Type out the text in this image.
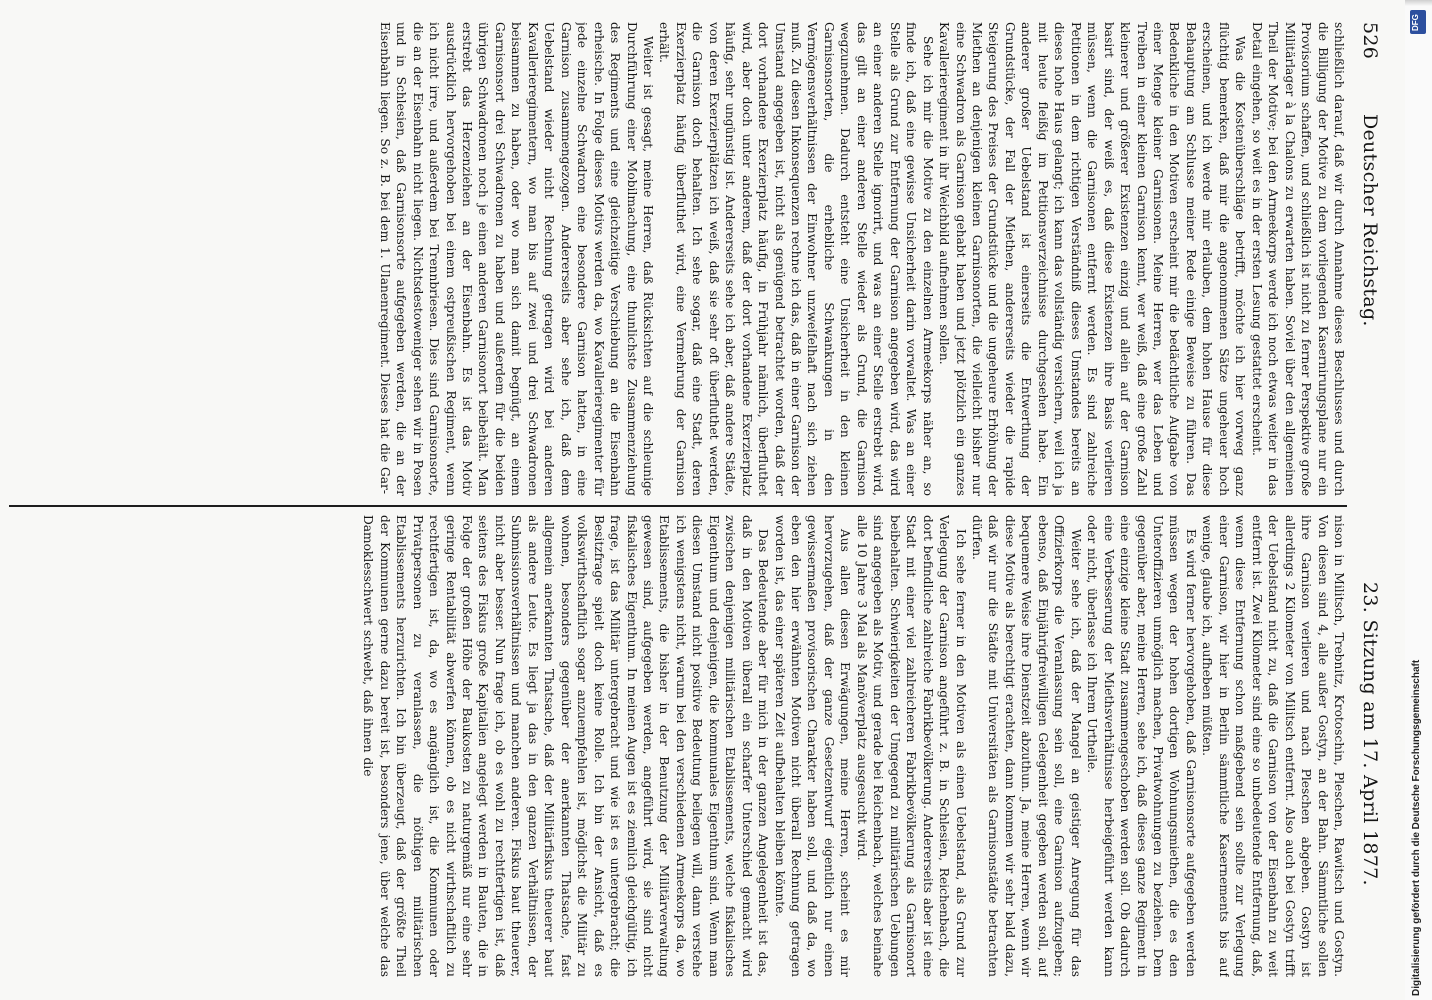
526
Deutscher Reichstag.
23. Sitzung am 17. April 1877.

schließlich darauf, daß wir durch Annahme dieses Beschlusses und durch die Billigung der Motive zu dem vorliegenden Kasernirungsplane nur ein Provisorium schaffen, und schließlich ist nicht zu ferner Perspektive große Militärlager à la Chalons zu erwarten haben. Soviel über den allgemeinen Theil der Motive; bei den Armeekorps werde ich noch etwas weiter in das Detail eingehen, so weit es in der ersten Lesung gestattet erscheint.

Was die Kostenüberschläge betrifft, möchte ich hier vorweg ganz flüchtig bemerken, daß mir die angenommenen Sätze ungeheuer hoch erscheinen, und ich werde mir erlauben, dem hohen Hause für diese Behauptung am Schlusse meiner Rede einige Beweise zu führen. Das Bedenkliche in den Motiven erscheint mir die bedächtliche Aufgabe von einer Menge kleiner Garnisonen. Meine Herren, wer das Leben und Treiben in einer kleinen Garnison kennt, wer weiß, daß eine große Zahl kleinerer und größerer Existenzen einzig und allein auf der Garnison basirt sind, der weiß es, daß diese Existenzen ihre Basis verlieren müssen, wenn die Garnisonen entfernt werden. Es sind zahlreiche Petitionen in dem richtigen Verständniß dieses Umstandes bereits an dieses hohe Haus gelangt; ich kann das vollständig versichern, weil ich ja mit heute fleißig im Petitionsverzeichnisse durchgesehen habe. Ein anderer großer Uebelstand ist einerseits die Entwerthung der Grundstücke, der Fall der Miethen, andererseits wieder die rapide Steigerung des Preises der Grundstücke und die ungeheure Erhöhung der Miethen an denjenigen kleinen Garnisonorten, die vielleicht bisher nur eine Schwadron als Garnison gehabt haben und jetzt plötzlich ein ganzes Kavallerieregiment in ihr Weichbild aufnehmen sollen.

Sehe ich mir die Motive zu den einzelnen Armeekorps näher an, so finde ich, daß eine gewisse Unsicherheit darin vorwaltet. Was an einer Stelle als Grund zur Entfernung der Garnison angegeben wird, das wird an einer anderen Stelle ignorirt, und was an einer Stelle erstrebt wird, das gilt an einer anderen Stelle wieder als Grund, die Garnison wegzunehmen. Dadurch entsteht eine Unsicherheit in den kleinen Garnisonsorten, die erhebliche Schwankungen in den Vermögensverhältnissen der Einwohner unzweifelhaft nach sich ziehen muß. Zu diesen Inkonsequenzen rechne ich das, daß in einer Garnison der Umstand angegeben ist, nicht als genügend betrachtet worden, daß der dort vorhandene Exerzierplatz häufig, in Frühjahr nämlich, überfluthet wird, aber doch unter anderem, daß der dort vorhandene Exerzierplatz häufig, sehr ungünstig ist. Andererseits sehe ich aber, daß andere Städte, von deren Exerzierplätzen ich weiß, daß sie sehr oft überfluthet werden, die Garnison doch behalten. Ich sehe sogar, daß eine Stadt, deren Exerzierplatz häufig überfluthet wird, eine Vermehrung der Garnison erhält.

Weiter ist gesagt, meine Herren, daß Rücksichten auf die schleunige Durchführung einer Mobilmachung, eine thunlichste Zusammenziehung des Regiments und eine gleichzeitige Verschiebung an die Eisenbahn erheische. In Folge dieses Motivs werden da, wo Kavallerieregimenter für jede einzelne Schwadron eine besondere Garnison hatten, in eine Garnison zusammengezogen. Andererseits aber sehe ich, daß dem Uebelstand wieder nicht Rechnung getragen wird bei anderen Kavallerieregimentern, wo man bis auf zwei und drei Schwadronen beisammen zu haben, oder wo man sich damit begnügt, an einem Garnisonsort drei Schwadronen zu haben und außerdem für die beiden übrigen Schwadronen noch je einen anderen Garnisonort beibehält. Man erstrebt das Herzenziehen an der Eisenbahn. Es ist das Motiv ausdrücklich hervorgehoben bei einem ostpreußischen Regiment, wenn ich nicht irre, und außerdem bei Trennbriesen. Dies sind Garnisonsorte, die an der Eisenbahn nicht liegen. Nichtsdestoweniger sehen wir in Posen und in Schlesien, daß Garnisonsorte aufgegeben werden, die an der Eisenbahn liegen. So z. B. bei dem 1. Ulanenregiment. Dieses hat die Gar-

nison in Militsch, Trebnitz, Krotoschin, Pleschen, Rawitsch und Gostyn. Von diesen sind 4, alle außer Gostyn, an der Bahn. Sämmtliche sollen ihre Garnison verlieren und nach Pleschen abgeben. Gostyn ist allerdings 2 Kilometer von Militsch entfernt. Also auch bei Gostyn trifft der Uebelstand nicht zu, daß die Garnison von der Eisenbahn zu weit entfernt ist. Zwei Kilometer sind eine so unbedeutende Entfernung, daß, wenn diese Entfernung schon maßgebend sein sollte zur Verlegung einer Garnison, wir hier in Berlin sämmtliche Kasernements bis auf wenige, glaube ich, aufheben müßten.

Es wird ferner hervorgehoben, daß Garnisonsorte aufgegeben werden müssen wegen der hohen dortigen Wohnungsmiethen, die es den Unteroffizieren unmöglich machen, Privatwohnungen zu beziehen. Dem gegenüber aber, meine Herren, sehe ich, daß dieses ganze Regiment in eine einzige kleine Stadt zusammengeschoben werden soll. Ob dadurch eine Verbesserung der Miethsverhältnisse herbeigeführt werden kann oder nicht, überlasse ich Ihrem Urtheile.

Weiter sehe ich, daß der Mangel an geistiger Anregung für das Offizierkorps die Veranlassung sein soll, eine Garnison aufzugeben; ebenso, daß Einjährigfreiwilligen Gelegenheit gegeben werden soll, auf bequemere Weise ihre Dienstzeit abzuthun. Ja, meine Herren, wenn wir diese Motive als berechtigt erachten, dann kommen wir sehr bald dazu, daß wir nur die Städte mit Universitäten als Garnisonstädte betrachten dürfen.

Ich sehe ferner in den Motiven als einen Uebelstand, als Grund zur Verlegung der Garnison angeführt z. B. in Schlesien, Reichenbach, die dort befindliche zahlreiche Fabrikbevölkerung. Andererseits aber ist eine Stadt mit einer viel zahlreicheren Fabrikbevölkerung als Garnisonort beibehalten. Schwierigkeiten der Umgegend zu militärischen Uebungen sind angegeben als Motiv, und gerade bei Reichenbach, welches beinahe alle 10 Jahre 3 Mal als Manöverplatz ausgesucht wird.

Aus allen diesen Erwägungen, meine Herren, scheint es mir hervorzugehen, daß der ganze Gesetzentwurf eigentlich nur einen gewissermaßen provisorischen Charakter haben soll, und daß da, wo eben den hier erwähnten Motiven nicht überall Rechnung getragen worden ist, das einer späteren Zeit aufbehalten bleiben könnte.

Das Bedeutende aber für mich in der ganzen Angelegenheit ist das, daß in den Motiven überall ein scharfer Unterschied gemacht wird zwischen denjenigen militärischen Etablissements, welche fiskalisches Eigenthum und denjenigen, die kommunales Eigenthum sind. Wenn man diesen Umstand nicht positive Bedeutung beilegen will, dann verstehe ich wenigstens nicht, warum bei den verschiedenen Armeekorps da, wo Etablissements, die bisher in der Benutzung der Militärverwaltung gewesen sind, aufgegeben werden, angeführt wird, sie sind nicht fiskalisches Eigenthum. In meinen Augen ist es ziemlich gleichgültig, ich frage, ist das Militär untergebracht und wie ist es untergebracht; die Besitzfrage spielt doch keine Rolle. Ich bin der Ansicht, daß es volkswirthschaftlich sogar anzuempfehlen ist, möglichst die Militär zu wohnen, besonders gegenüber der anerkannten Thatsache, fast allgemein anerkannten Thatsache, daß der Militärfiskus theuerer baut als andere Leute. Es liegt ja das in den ganzen Verhältnissen, der Submissionsverhältnissen und manchen anderen. Fiskus baut theuerer, nicht aber besser. Nun frage ich, ob es wohl zu rechtfertigen ist, daß seitens des Fiskus große Kapitalien angelegt werden in Bauten, die in Folge der großen Höhe der Baukosten zu naturgemäß nur eine sehr geringe Rentabilität abwerfen können, ob es nicht wirthschaftlich zu rechtfertigen ist, da, wo es angänglich ist, die Kommunen oder Privatpersonen zu veranlassen, die nöthigen militärischen Etablissements herzurichten. Ich bin überzeugt, daß der größte Theil der Kommunen gerne dazu bereit ist, besonders jene, über welche das Damoklesschwert schwebt, daß ihnen die

DFG
Digitalisierung gefördert durch die Deutsche Forschungsgemeinschaft
